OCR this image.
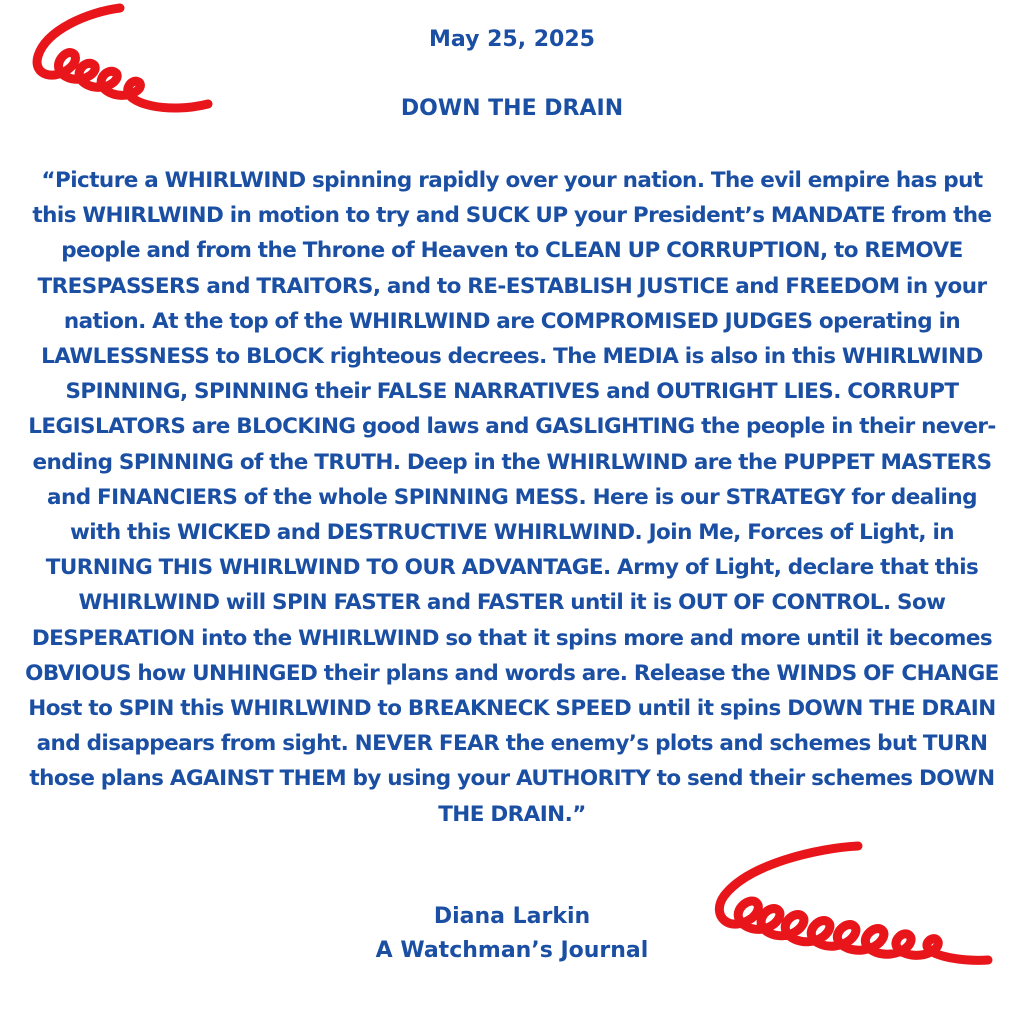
May 25, 2025
DOWN THE DRAIN

“Picture a WHIRLWIND spinning rapidly over your nation. The evil empire has put this WHIRLWIND in motion to try and SUCK UP your President’s MANDATE from the people and from the Throne of Heaven to CLEAN UP CORRUPTION, to REMOVE TRESPASSERS and TRAITORS, and to RE-ESTABLISH JUSTICE and FREEDOM in your nation. At the top of the WHIRLWIND are COMPROMISED JUDGES operating in LAWLESSNESS to BLOCK righteous decrees. The MEDIA is also in this WHIRLWIND SPINNING, SPINNING their FALSE NARRATIVES and OUTRIGHT LIES. CORRUPT LEGISLATORS are BLOCKING good laws and GASLIGHTING the people in their never-ending SPINNING of the TRUTH. Deep in the WHIRLWIND are the PUPPET MASTERS and FINANCIERS of the whole SPINNING MESS. Here is our STRATEGY for dealing with this WICKED and DESTRUCTIVE WHIRLWIND. Join Me, Forces of Light, in TURNING THIS WHIRLWIND TO OUR ADVANTAGE. Army of Light, declare that this WHIRLWIND will SPIN FASTER and FASTER until it is OUT OF CONTROL. Sow DESPERATION into the WHIRLWIND so that it spins more and more until it becomes OBVIOUS how UNHINGED their plans and words are. Release the WINDS OF CHANGE Host to SPIN this WHIRLWIND to BREAKNECK SPEED until it spins DOWN THE DRAIN and disappears from sight. NEVER FEAR the enemy’s plots and schemes but TURN those plans AGAINST THEM by using your AUTHORITY to send their schemes DOWN THE DRAIN.”

Diana Larkin
A Watchman’s Journal
